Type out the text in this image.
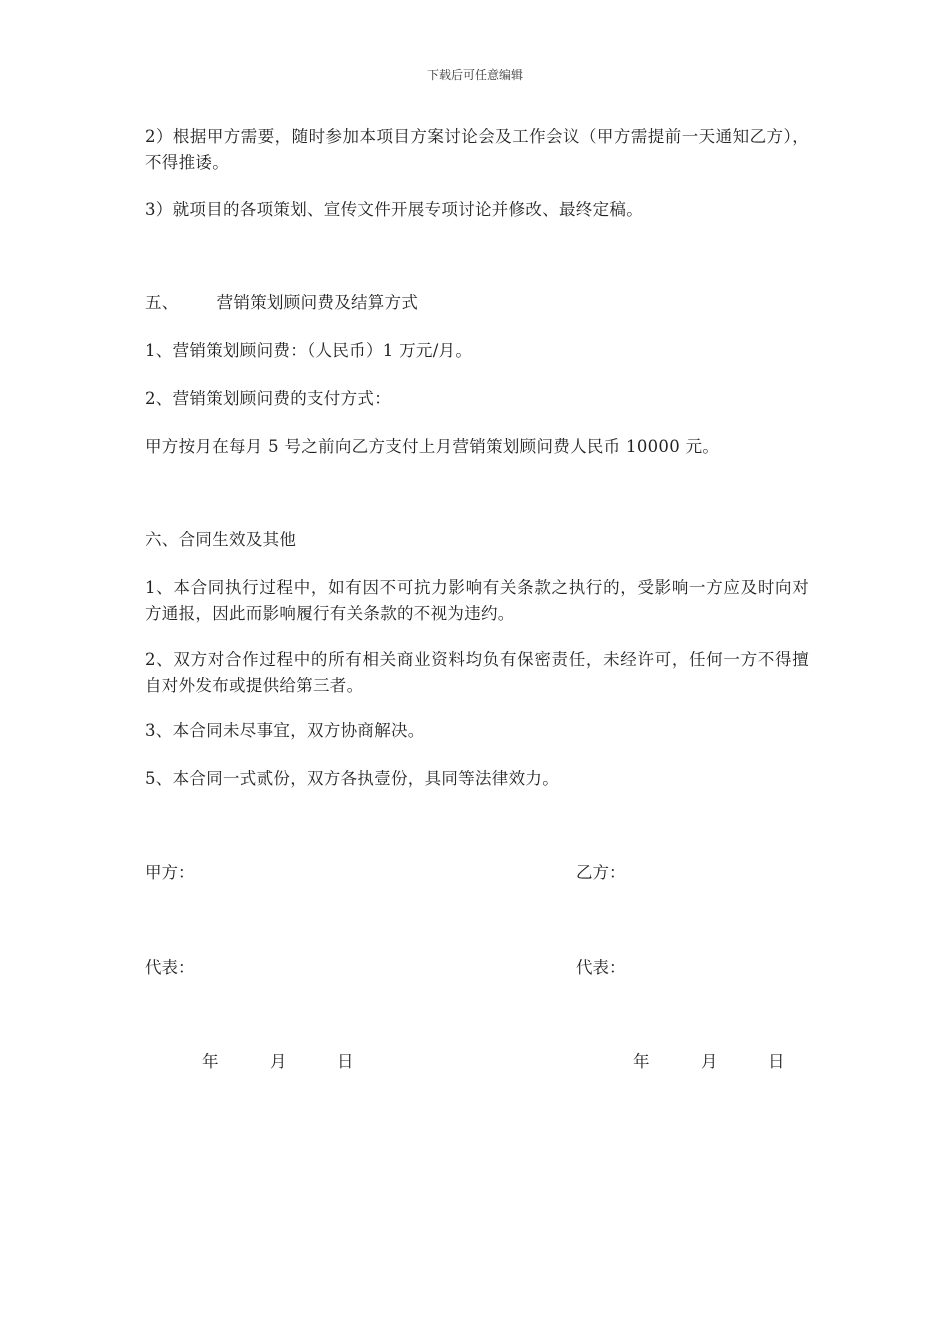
下载后可任意编辑
2）根据甲方需要，随时参加本项目方案讨论会及工作会议（甲方需提前一天通知乙方），不得推诿。
3）就项目的各项策划、宣传文件开展专项讨论并修改、最终定稿。
五、 营销策划顾问费及结算方式
1、营销策划顾问费：（人民币）1 万元/月。
2、营销策划顾问费的支付方式：
甲方按月在每月 5 号之前向乙方支付上月营销策划顾问费人民币 10000 元。
六、合同生效及其他
1、本合同执行过程中，如有因不可抗力影响有关条款之执行的，受影响一方应及时向对方通报，因此而影响履行有关条款的不视为违约。
2、双方对合作过程中的所有相关商业资料均负有保密责任，未经许可，任何一方不得擅自对外发布或提供给第三者。
3、本合同未尽事宜，双方协商解决。
5、本合同一式贰份，双方各执壹份，具同等法律效力。
甲方：	乙方：
代表：	代表：
年	月	日	年	月	日
